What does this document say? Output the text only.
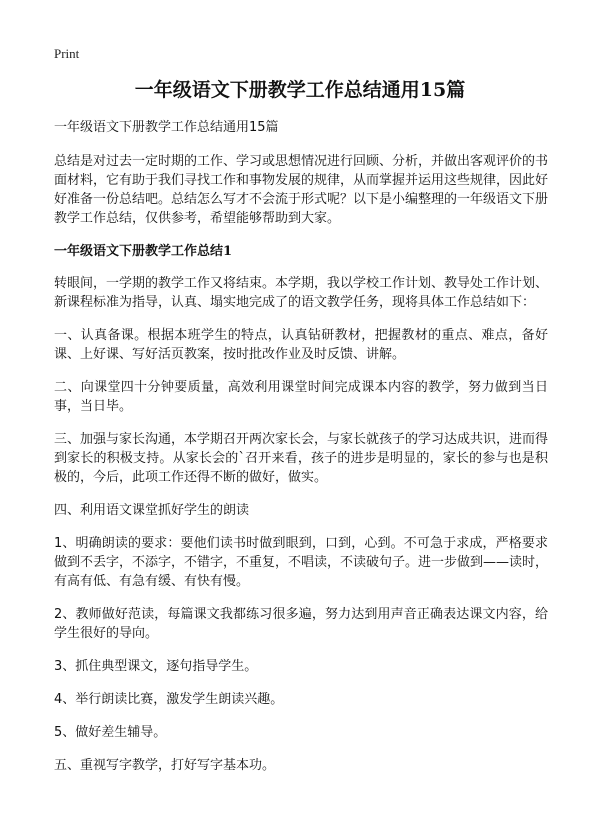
Print
一年级语文下册教学工作总结通用15篇

一年级语文下册教学工作总结通用15篇

总结是对过去一定时期的工作、学习或思想情况进行回顾、分析，并做出客观评价的书面材料，它有助于我们寻找工作和事物发展的规律，从而掌握并运用这些规律，因此好好准备一份总结吧。总结怎么写才不会流于形式呢？以下是小编整理的一年级语文下册教学工作总结，仅供参考，希望能够帮助到大家。

一年级语文下册教学工作总结1

转眼间，一学期的教学工作又将结束。本学期，我以学校工作计划、教导处工作计划、新课程标准为指导，认真、塌实地完成了的语文教学任务，现将具体工作总结如下：

一、认真备课。根据本班学生的特点，认真钻研教材，把握教材的重点、难点，备好课、上好课、写好活页教案，按时批改作业及时反馈、讲解。

二、向课堂四十分钟要质量，高效利用课堂时间完成课本内容的教学，努力做到当日事，当日毕。

三、加强与家长沟通，本学期召开两次家长会，与家长就孩子的学习达成共识，进而得到家长的积极支持。从家长会的`召开来看，孩子的进步是明显的，家长的参与也是积极的，今后，此项工作还得不断的做好，做实。

四、利用语文课堂抓好学生的朗读

1、明确朗读的要求：要他们读书时做到眼到，口到，心到。不可急于求成，严格要求做到不丢字，不添字，不错字，不重复，不唱读，不读破句子。进一步做到——读时，有高有低、有急有缓、有快有慢。

2、教师做好范读，每篇课文我都练习很多遍，努力达到用声音正确表达课文内容，给学生很好的导向。

3、抓住典型课文，逐句指导学生。

4、举行朗读比赛，激发学生朗读兴趣。

5、做好差生辅导。

五、重视写字教学，打好写字基本功。
